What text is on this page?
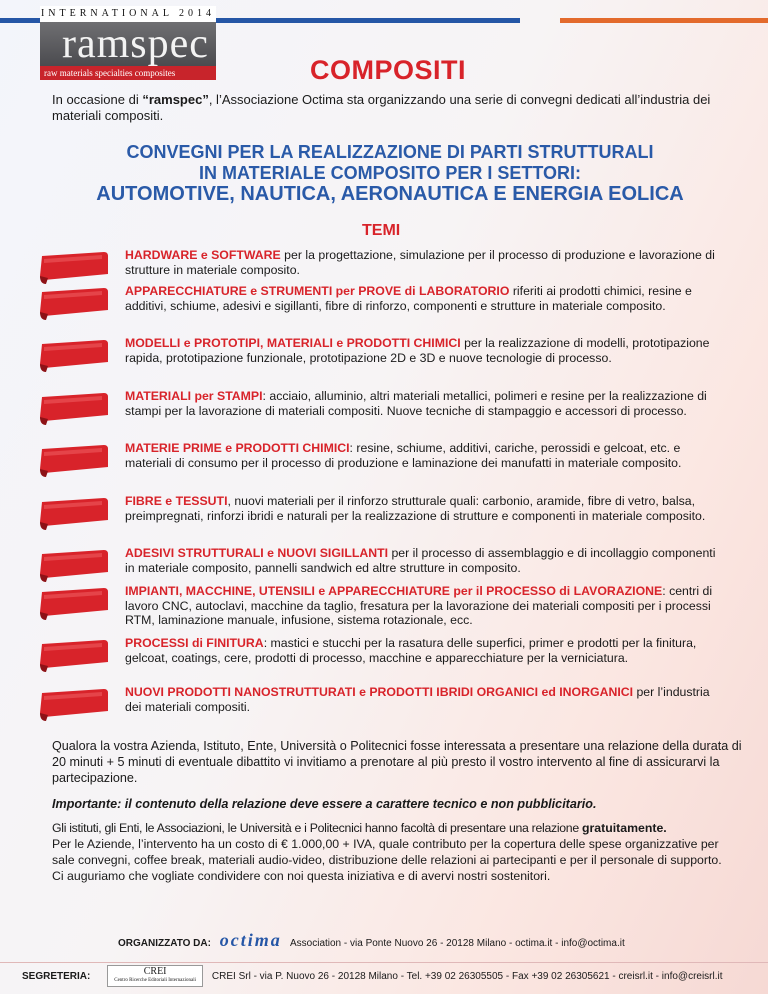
INTERNATIONAL 2014
ramspec
raw materials specialties composites	COMPOSITI
In occasione di “ramspec”, l’Associazione Octima sta organizzando una serie di convegni dedicati all’industria dei materiali compositi.
CONVEGNI PER LA REALIZZAZIONE DI PARTI STRUTTURALI
IN MATERIALE COMPOSITO PER I SETTORI:
AUTOMOTIVE, NAUTICA, AERONAUTICA E ENERGIA EOLICA
TEMI
HARDWARE e SOFTWARE per la progettazione, simulazione per il processo di produzione e lavorazione di strutture in materiale composito.
APPARECCHIATURE e STRUMENTI per PROVE di LABORATORIO riferiti ai prodotti chimici, resine e additivi, schiume, adesivi e sigillanti, fibre di rinforzo, componenti e strutture in materiale composito.
MODELLI e PROTOTIPI, MATERIALI e PRODOTTI CHIMICI per la realizzazione di modelli, prototipazione rapida, prototipazione funzionale, prototipazione 2D e 3D e nuove tecnologie di processo.
MATERIALI per STAMPI: acciaio, alluminio, altri materiali metallici, polimeri e resine per la realizzazione di stampi per la lavorazione di materiali compositi. Nuove tecniche di stampaggio e accessori di processo.
MATERIE PRIME e PRODOTTI CHIMICI: resine, schiume, additivi, cariche, perossidi e gelcoat, etc. e materiali di consumo per il processo di produzione e laminazione dei manufatti in materiale composito.
FIBRE e TESSUTI, nuovi materiali per il rinforzo strutturale quali: carbonio, aramide, fibre di vetro, balsa, preimpregnati, rinforzi ibridi e naturali per la realizzazione di strutture e componenti in materiale composito.
ADESIVI STRUTTURALI e NUOVI SIGILLANTI per il processo di assemblaggio e di incollaggio componenti in materiale composito, pannelli sandwich ed altre strutture in composito.
IMPIANTI, MACCHINE, UTENSILI e APPARECCHIATURE per il PROCESSO di LAVORAZIONE: centri di lavoro CNC, autoclavi, macchine da taglio, fresatura per la lavorazione dei materiali compositi per i processi RTM, laminazione manuale, infusione, sistema rotazionale, ecc.
PROCESSI di FINITURA: mastici e stucchi per la rasatura delle superfici, primer e prodotti per la finitura, gelcoat, coatings, cere, prodotti di processo, macchine e apparecchiature per la verniciatura.
NUOVI PRODOTTI NANOSTRUTTURATI e PRODOTTI IBRIDI ORGANICI ed INORGANICI per l’industria dei materiali compositi.
Qualora la vostra Azienda, Istituto, Ente, Università o Politecnici fosse interessata a presentare una relazione della durata di 20 minuti + 5 minuti di eventuale dibattito vi invitiamo a prenotare al più presto il vostro intervento al fine di assicurarvi la partecipazione.
Importante: il contenuto della relazione deve essere a carattere tecnico e non pubblicitario.
Gli istituti, gli Enti, le Associazioni, le Università e i Politecnici hanno facoltà di presentare una relazione gratuitamente.
Per le Aziende, l’intervento ha un costo di € 1.000,00 + IVA, quale contributo per la copertura delle spese organizzative per sale convegni, coffee break, materiali audio-video, distribuzione delle relazioni ai partecipanti e per il personale di supporto.
Ci auguriamo che vogliate condividere con noi questa iniziativa e di avervi nostri sostenitori.
ORGANIZZATO DA: octima Association - via Ponte Nuovo 26 - 20128 Milano - octima.it - info@octima.it
SEGRETERIA:	CREI
Centro Ricerche Editoriali Internazionali	CREI Srl - via P. Nuovo 26 - 20128 Milano - Tel. +39 02 26305505 - Fax +39 02 26305621 - creisrl.it - info@creisrl.it
